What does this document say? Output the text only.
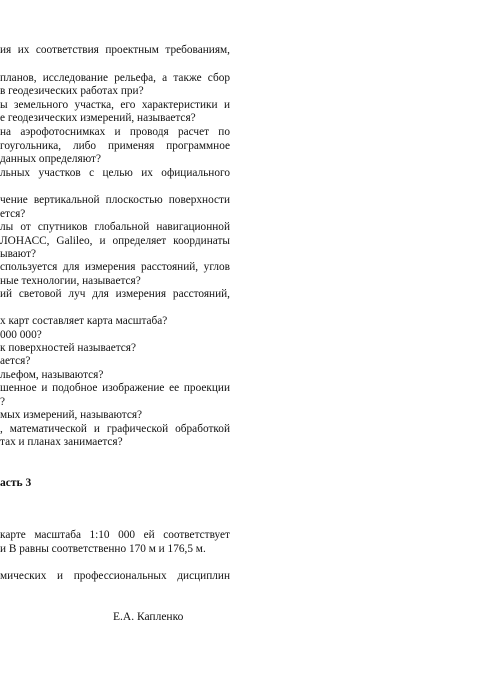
ия их соответствия проектным требованиям,
планов, исследование рельефа, а также сбор
в геодезических работах при?
ы земельного участка, его характеристики и
е геодезических измерений, называется?
на аэрофотоснимках и проводя расчет по
гоугольника, либо применяя программное
данных определяют?
льных участков с целью их официального
чение вертикальной плоскостью поверхности
ется?
лы от спутников глобальной навигационной
ЛОНАСС, Galileo, и определяет координаты
ывают?
спользуется для измерения расстояний, углов
ные технологии, называется?
ий световой луч для измерения расстояний,
х карт составляет карта масштаба?
000 000?
к поверхностей называется?
ается?
льефом, называются?
шенное и подобное изображение ее проекции
?
мых измерений, называются?
, математической и графической обработкой
тах и планах занимается?
асть 3
карте масштаба 1:10 000 ей соответствует
и В равны соответственно 170 м и 176,5 м.
мических и профессиональных дисциплин
Е.А. Капленко
